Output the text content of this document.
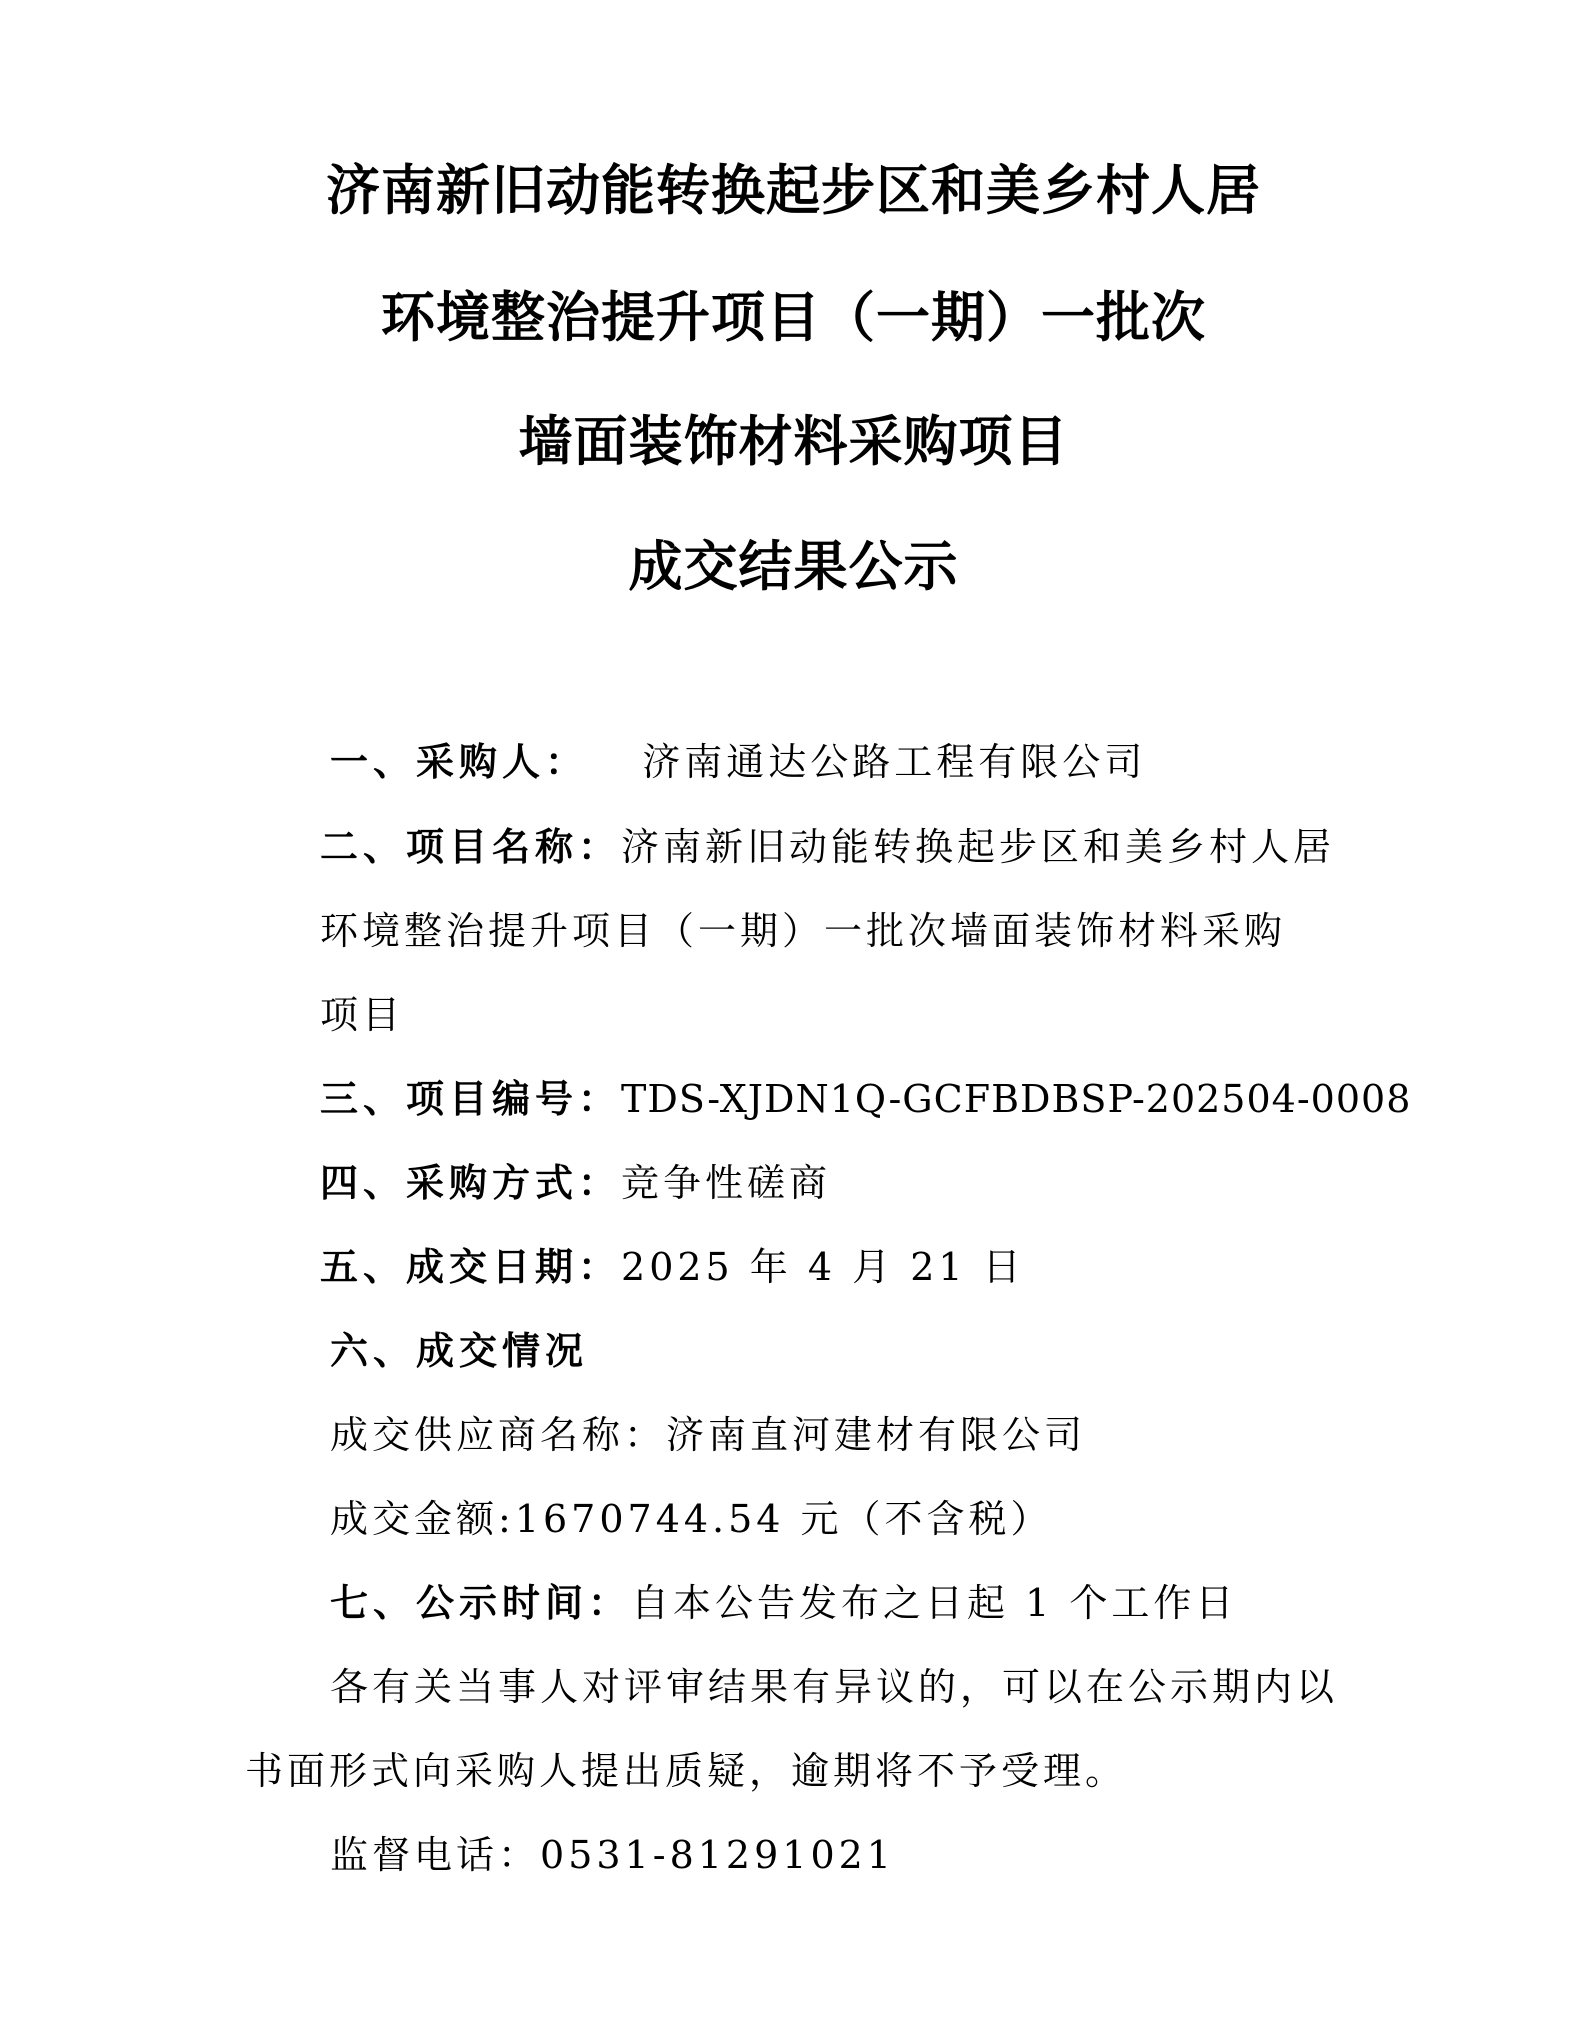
济南新旧动能转换起步区和美乡村人居
环境整治提升项目（一期）一批次
墙面装饰材料采购项目
成交结果公示
一、采购人： 济南通达公路工程有限公司
二、项目名称：济南新旧动能转换起步区和美乡村人居
环境整治提升项目（一期）一批次墙面装饰材料采购
项目
三、项目编号：TDS-XJDN1Q-GCFBDBSP-202504-0008
四、采购方式：竞争性磋商
五、成交日期：2025 年 4 月 21 日
六、成交情况
成交供应商名称：济南直河建材有限公司
成交金额:1670744.54 元（不含税）
七、公示时间：自本公告发布之日起 1 个工作日
各有关当事人对评审结果有异议的，可以在公示期内以
书面形式向采购人提出质疑，逾期将不予受理。
监督电话：0531-81291021
